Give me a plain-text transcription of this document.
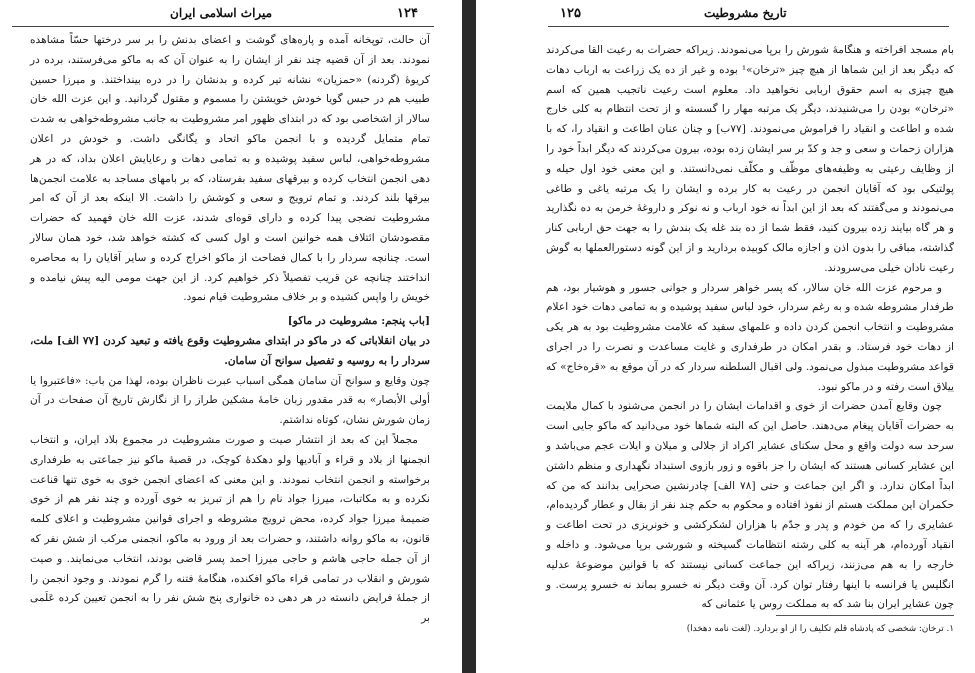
میراث اسلامی ایران	۱۲۴

آن حالت، توپخانه آمده و پاره‌های گوشت و اعضای بدنش را بر سر درختها حسّاً مشاهده نمودند. بعد از آن قضیه چند نفر از ایشان را به عنوان آن که به ماکو می‌فرستند، برده در کریوهٔ (گردنه) «حمزیان» نشانه تیر کرده و بدنشان را در دره بینداختند. و میرزا حسین طبیب هم در حبس گویا خودش خویشتن را مسموم و مقتول گردانید. و این عزت الله خان سالار از اشخاصی بود که در ابتدای ظهور امر مشروطیت به جانب مشروطه‌خواهی به شدت تمام متمایل گردیده و با انجمن ماکو اتحاد و یگانگی داشت. و خودش در اعلان مشروطه‌خواهی، لباس سفید پوشیده و به تمامی دهات و رعایایش اعلان بداد، که در هر دهی انجمن انتخاب کرده و بیرقهای سفید بفرستاد، که بر بامهای مساجد به علامت انجمن‌ها بیرقها بلند کردند. و تمام ترویج و سعی و کوشش را داشت. الا اینکه بعد از آن که امر مشروطیت نضجی پیدا کرده و دارای قوه‌ای شدند، عزت الله خان فهمید که حضرات مقصودشان ائتلاف همه خوانین است و اول کسی که کشته خواهد شد، خود همان سالار است. چنانچه سردار را با کمال فضاحت از ماکو اخراج کرده و سایر آقایان را به محاصره انداختند چنانچه عن قریب تفصیلاً ذکر خواهیم کرد. از این جهت مومی الیه پیش نیامده و خویش را واپس کشیده و بر خلاف مشروطیت قیام نمود.

[باب پنجم: مشروطیت در ماکو]

در بیان انقلاباتی که در ماکو در ابتدای مشروطیت وقوع یافته و تبعید کردن [۷۷ الف] ملت، سردار را به روسیه و تفصیل سوانح آن سامان.

چون وقایع و سوانح آن سامان همگی اسباب عبرت ناظران بوده، لهذا من باب: «فاعتبروا یا أولی الأبصار» به قدر مقدور زبان خامهٔ مشکین طراز را از نگارش تاریخ آن صفحات در آن زمان شورش نشان، کوتاه نداشتم.

مجملاً این که بعد از انتشار صیت و صورت مشروطیت در مجموع بلاد ایران، و انتخاب انجمنها از بلاد و قراء و آبادیها ولو دهکدهٔ کوچک، در قصبهٔ ماکو نیز جماعتی به طرفداری برخواسته و انجمن انتخاب نمودند. و این معنی که اعضای انجمن خوی به خوی تنها قناعت نکرده و به مکاتبات، میرزا جواد نام را هم از تبریز به خوی آورده و چند نفر هم از خوی ضمیمهٔ میرزا جواد کرده، محض ترویج مشروطه و اجرای قوانین مشروطیت و اعلای کلمه قانون، به ماکو روانه داشتند، و حضرات بعد از ورود به ماکو، انجمنی مرکب از شش نفر که از آن جمله حاجی هاشم و حاجی میرزا احمد پسر قاضی بودند، انتخاب می‌نمایند. و صیت شورش و انقلاب در تمامی قراء ماکو افکنده، هنگامهٔ فتنه را گرم نمودند. و وجود انجمن را از جملهٔ فرایض دانسته در هر دهی ده خانواری پنج شش نفر را به انجمن تعیین کرده عَلَمی بر

تاریخ مشروطیت
۱۲۵

بام مسجد افراخته و هنگامهٔ شورش را برپا می‌نمودند. زیراکه حضرات به رعیت القا می‌کردند که دیگر بعد از این شماها از هیچ چیز «ترخان»¹ بوده و غیر از ده یک زراعت به ارباب دهات هیچ چیزی به اسم حقوق اربابی نخواهید داد. معلوم است رعیت ناتجیب همین که اسم «ترخان» بودن را می‌شنیدند، دیگر یک مرتبه مهار را گسسته و از تحت انتظام به کلی خارج شده و اطاعت و انقیاد را فراموش می‌نمودند. [۷۷ب] و چنان عنان اطاعت و انقیاد را، که با هزاران زحمات و سعی و جد و کدّ بر سر ایشان زده بوده، بیرون می‌کردند که دیگر ابداً خود را از وظایف رعیتی به وظیفه‌های موظّف و مکلّف نمی‌دانستند. و این معنی خود اول حیله و پولتیکی بود که آقایان انجمن در رعیت به کار برده و ایشان را یک مرتبه یاغی و طاغی می‌نمودند و می‌گفتند که بعد از این ابداً نه خود ارباب و نه نوکر و داروغهٔ خرمن به ده نگذارید و هر گاه بیایند زده بیرون کنید، فقط شما از ده بند غله یک بندش را به جهت حق اربابی کنار گذاشته، مباقی را بدون اذن و اجازه مالک کوبیده بردارید و از این گونه دستورالعملها به گوش رعیت نادان خیلی می‌سرودند.

و مرحوم عزت الله خان سالار، که پسر خواهر سردار و جوانی جسور و هوشیار بود، هم طرفدار مشروطه شده و به رغم سردار، خود لباس سفید پوشیده و به تمامی دهات خود اعلام مشروطیت و انتخاب انجمن کردن داده و علمهای سفید که علامت مشروطیت بود به هر یکی از دهات خود فرستاد. و بقدر امکان در طرفداری و غایت مساعدت و نصرت را در اجرای قواعد مشروطیت مبذول می‌نمود. ولی اقبال السلطنه سردار که در آن موقع به «قره‌خاج» که ییلاق است رفته و در ماکو نبود.

چون وقایع آمدن حضرات از خوی و اقدامات ایشان را در انجمن می‌شنود با کمال ملایمت به حضرات آقایان پیغام می‌دهند. حاصل این که البته شماها خود می‌دانید که ماکو جایی است سرحد سه دولت واقع و محل سکنای عشایر اکراد از جلالی و میلان و ایلات عجم می‌باشد و این عشایر کسانی هستند که ایشان را جز باقوه و زور بازوی استبداد نگهداری و منظم داشتن ابداً امکان ندارد. و اگر این جماعت و حتی [۷۸ الف] چادرنشین صحرایی بدانند که من که حکمران این مملکت هستم از نفوذ افتاده و محکوم به حکم چند نفر از بقال و عطار گردیده‌ام، عشایری را که من خودم و پدر و جدّم با هزاران لشکرکشی و خونریزی در تحت اطاعت و انقیاد آورده‌ام، هر آینه به کلی رشته انتظامات گسیخته و شورشی برپا می‌شود. و داخله و خارجه را به هم می‌زنند، زیراکه این جماعت کسانی نیستند که با قوانین موضوعهٔ عدلیه انگلیس یا فرانسه با اینها رفتار توان کرد. آن وقت دیگر نه خسرو بماند نه خسرو پرست. و چون عشایر ایران بنا شد که به مملکت روس یا عثمانی که

۱. ترخان: شخصی که پادشاه قلم تکلیف را از او بردارد. (لغت نامه دهخدا)
